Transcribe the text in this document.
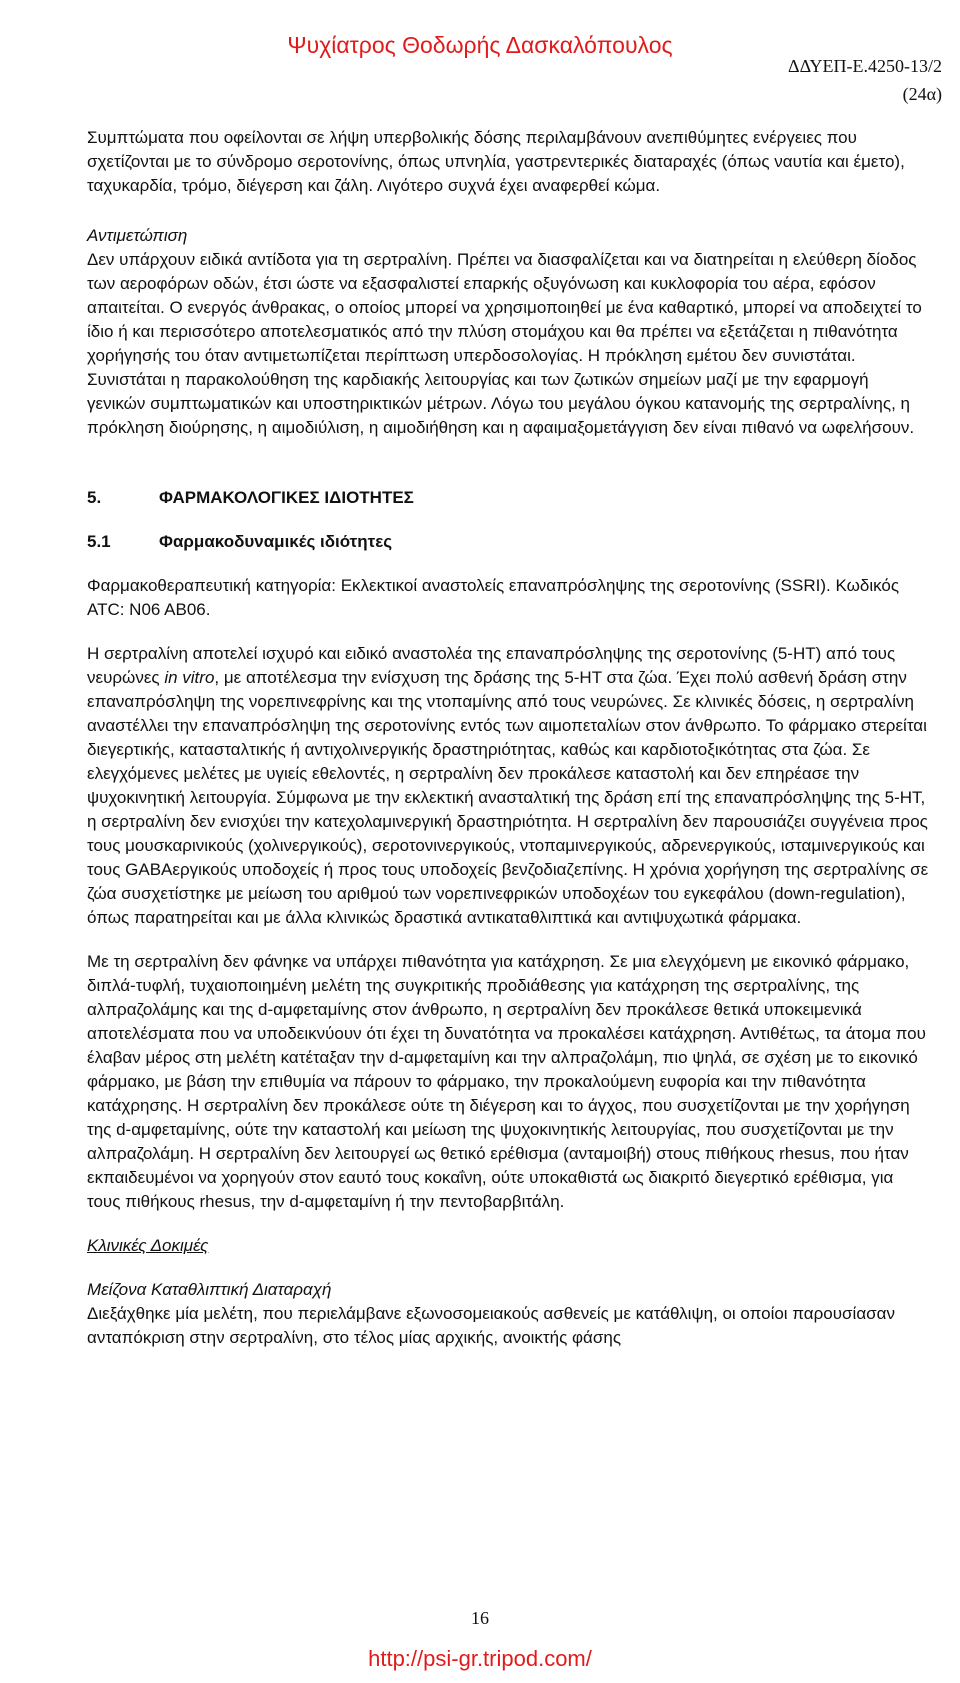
Ψυχίατρος Θοδωρής Δασκαλόπουλος
ΔΔΥΕΠ-Ε.4250-13/2
(24α)

Συμπτώματα που οφείλονται σε λήψη υπερβολικής δόσης περιλαμβάνουν ανεπιθύμητες ενέργειες που σχετίζονται με το σύνδρομο σεροτονίνης, όπως υπνηλία, γαστρεντερικές διαταραχές (όπως ναυτία και έμετο), ταχυκαρδία, τρόμο, διέγερση και ζάλη. Λιγότερο συχνά έχει αναφερθεί κώμα.

Αντιμετώπιση

Δεν υπάρχουν ειδικά αντίδοτα για τη σερτραλίνη. Πρέπει να διασφαλίζεται και να διατηρείται η ελεύθερη δίοδος των αεροφόρων οδών, έτσι ώστε να εξασφαλιστεί επαρκής οξυγόνωση και κυκλοφορία του αέρα, εφόσον απαιτείται. Ο ενεργός άνθρακας, ο οποίος μπορεί να χρησιμοποιηθεί με ένα καθαρτικό, μπορεί να αποδειχτεί το ίδιο ή και περισσότερο αποτελεσματικός από την πλύση στομάχου και θα πρέπει να εξετάζεται η πιθανότητα χορήγησής του όταν αντιμετωπίζεται περίπτωση υπερδοσολογίας. Η πρόκληση εμέτου δεν συνιστάται. Συνιστάται η παρακολούθηση της καρδιακής λειτουργίας και των ζωτικών σημείων μαζί με την εφαρμογή γενικών συμπτωματικών και υποστηρικτικών μέτρων. Λόγω του μεγάλου όγκου κατανομής της σερτραλίνης, η πρόκληση διούρησης, η αιμοδιύλιση, η αιμοδιήθηση και η αφαιμαξομετάγγιση δεν είναι πιθανό να ωφελήσουν.

5.	ΦΑΡΜΑΚΟΛΟΓΙΚΕΣ ΙΔΙΟΤΗΤΕΣ
5.1	Φαρμακοδυναμικές ιδιότητες

Φαρμακοθεραπευτική κατηγορία: Εκλεκτικοί αναστολείς επαναπρόσληψης της σεροτονίνης (SSRI). Κωδικός ATC: N06 AB06.

Η σερτραλίνη αποτελεί ισχυρό και ειδικό αναστολέα της επαναπρόσληψης της σεροτονίνης (5-HT) από τους νευρώνες in vitro, με αποτέλεσμα την ενίσχυση της δράσης της 5-HT στα ζώα. Έχει πολύ ασθενή δράση στην επαναπρόσληψη της νορεπινεφρίνης και της ντοπαμίνης από τους νευρώνες. Σε κλινικές δόσεις, η σερτραλίνη αναστέλλει την επαναπρόσληψη της σεροτονίνης εντός των αιμοπεταλίων στον άνθρωπο. Το φάρμακο στερείται διεγερτικής, κατασταλτικής ή αντιχολινεργικής δραστηριότητας, καθώς και καρδιοτοξικότητας στα ζώα. Σε ελεγχόμενες μελέτες με υγιείς εθελοντές, η σερτραλίνη δεν προκάλεσε καταστολή και δεν επηρέασε την ψυχοκινητική λειτουργία. Σύμφωνα με την εκλεκτική ανασταλτική της δράση επί της επαναπρόσληψης της 5-HT, η σερτραλίνη δεν ενισχύει την κατεχολαμινεργική δραστηριότητα. Η σερτραλίνη δεν παρουσιάζει συγγένεια προς τους μουσκαρινικούς (χολινεργικούς), σεροτονινεργικούς, ντοπαμινεργικούς, αδρενεργικούς, ισταμινεργικούς και τους GABAεργικούς υποδοχείς ή προς τους υποδοχείς βενζοδιαζεπίνης. Η χρόνια χορήγηση της σερτραλίνης σε ζώα συσχετίστηκε με μείωση του αριθμού των νορεπινεφρικών υποδοχέων του εγκεφάλου (down-regulation), όπως παρατηρείται και με άλλα κλινικώς δραστικά αντικαταθλιπτικά και αντιψυχωτικά φάρμακα.

Με τη σερτραλίνη δεν φάνηκε να υπάρχει πιθανότητα για κατάχρηση. Σε μια ελεγχόμενη με εικονικό φάρμακο, διπλά-τυφλή, τυχαιοποιημένη μελέτη της συγκριτικής προδιάθεσης για κατάχρηση της σερτραλίνης, της αλπραζολάμης και της d-αμφεταμίνης στον άνθρωπο, η σερτραλίνη δεν προκάλεσε θετικά υποκειμενικά αποτελέσματα που να υποδεικνύουν ότι έχει τη δυνατότητα να προκαλέσει κατάχρηση. Αντιθέτως, τα άτομα που έλαβαν μέρος στη μελέτη κατέταξαν την d-αμφεταμίνη και την αλπραζολάμη, πιο ψηλά, σε σχέση με το εικονικό φάρμακο, με βάση την επιθυμία να πάρουν το φάρμακο, την προκαλούμενη ευφορία και την πιθανότητα κατάχρησης. Η σερτραλίνη δεν προκάλεσε ούτε τη διέγερση και το άγχος, που συσχετίζονται με την χορήγηση της d-αμφεταμίνης, ούτε την καταστολή και μείωση της ψυχοκινητικής λειτουργίας, που συσχετίζονται με την αλπραζολάμη. Η σερτραλίνη δεν λειτουργεί ως θετικό ερέθισμα (ανταμοιβή) στους πιθήκους rhesus, που ήταν εκπαιδευμένοι να χορηγούν στον εαυτό τους κοκαΐνη, ούτε υποκαθιστά ως διακριτό διεγερτικό ερέθισμα, για τους πιθήκους rhesus, την d-αμφεταμίνη ή την πεντοβαρβιτάλη.

Κλινικές Δοκιμές

Μείζονα Καταθλιπτική Διαταραχή

Διεξάχθηκε μία μελέτη, που περιελάμβανε εξωνοσομειακούς ασθενείς με κατάθλιψη, οι οποίοι παρουσίασαν ανταπόκριση στην σερτραλίνη, στο τέλος μίας αρχικής, ανοικτής φάσης

16
http://psi-gr.tripod.com/
